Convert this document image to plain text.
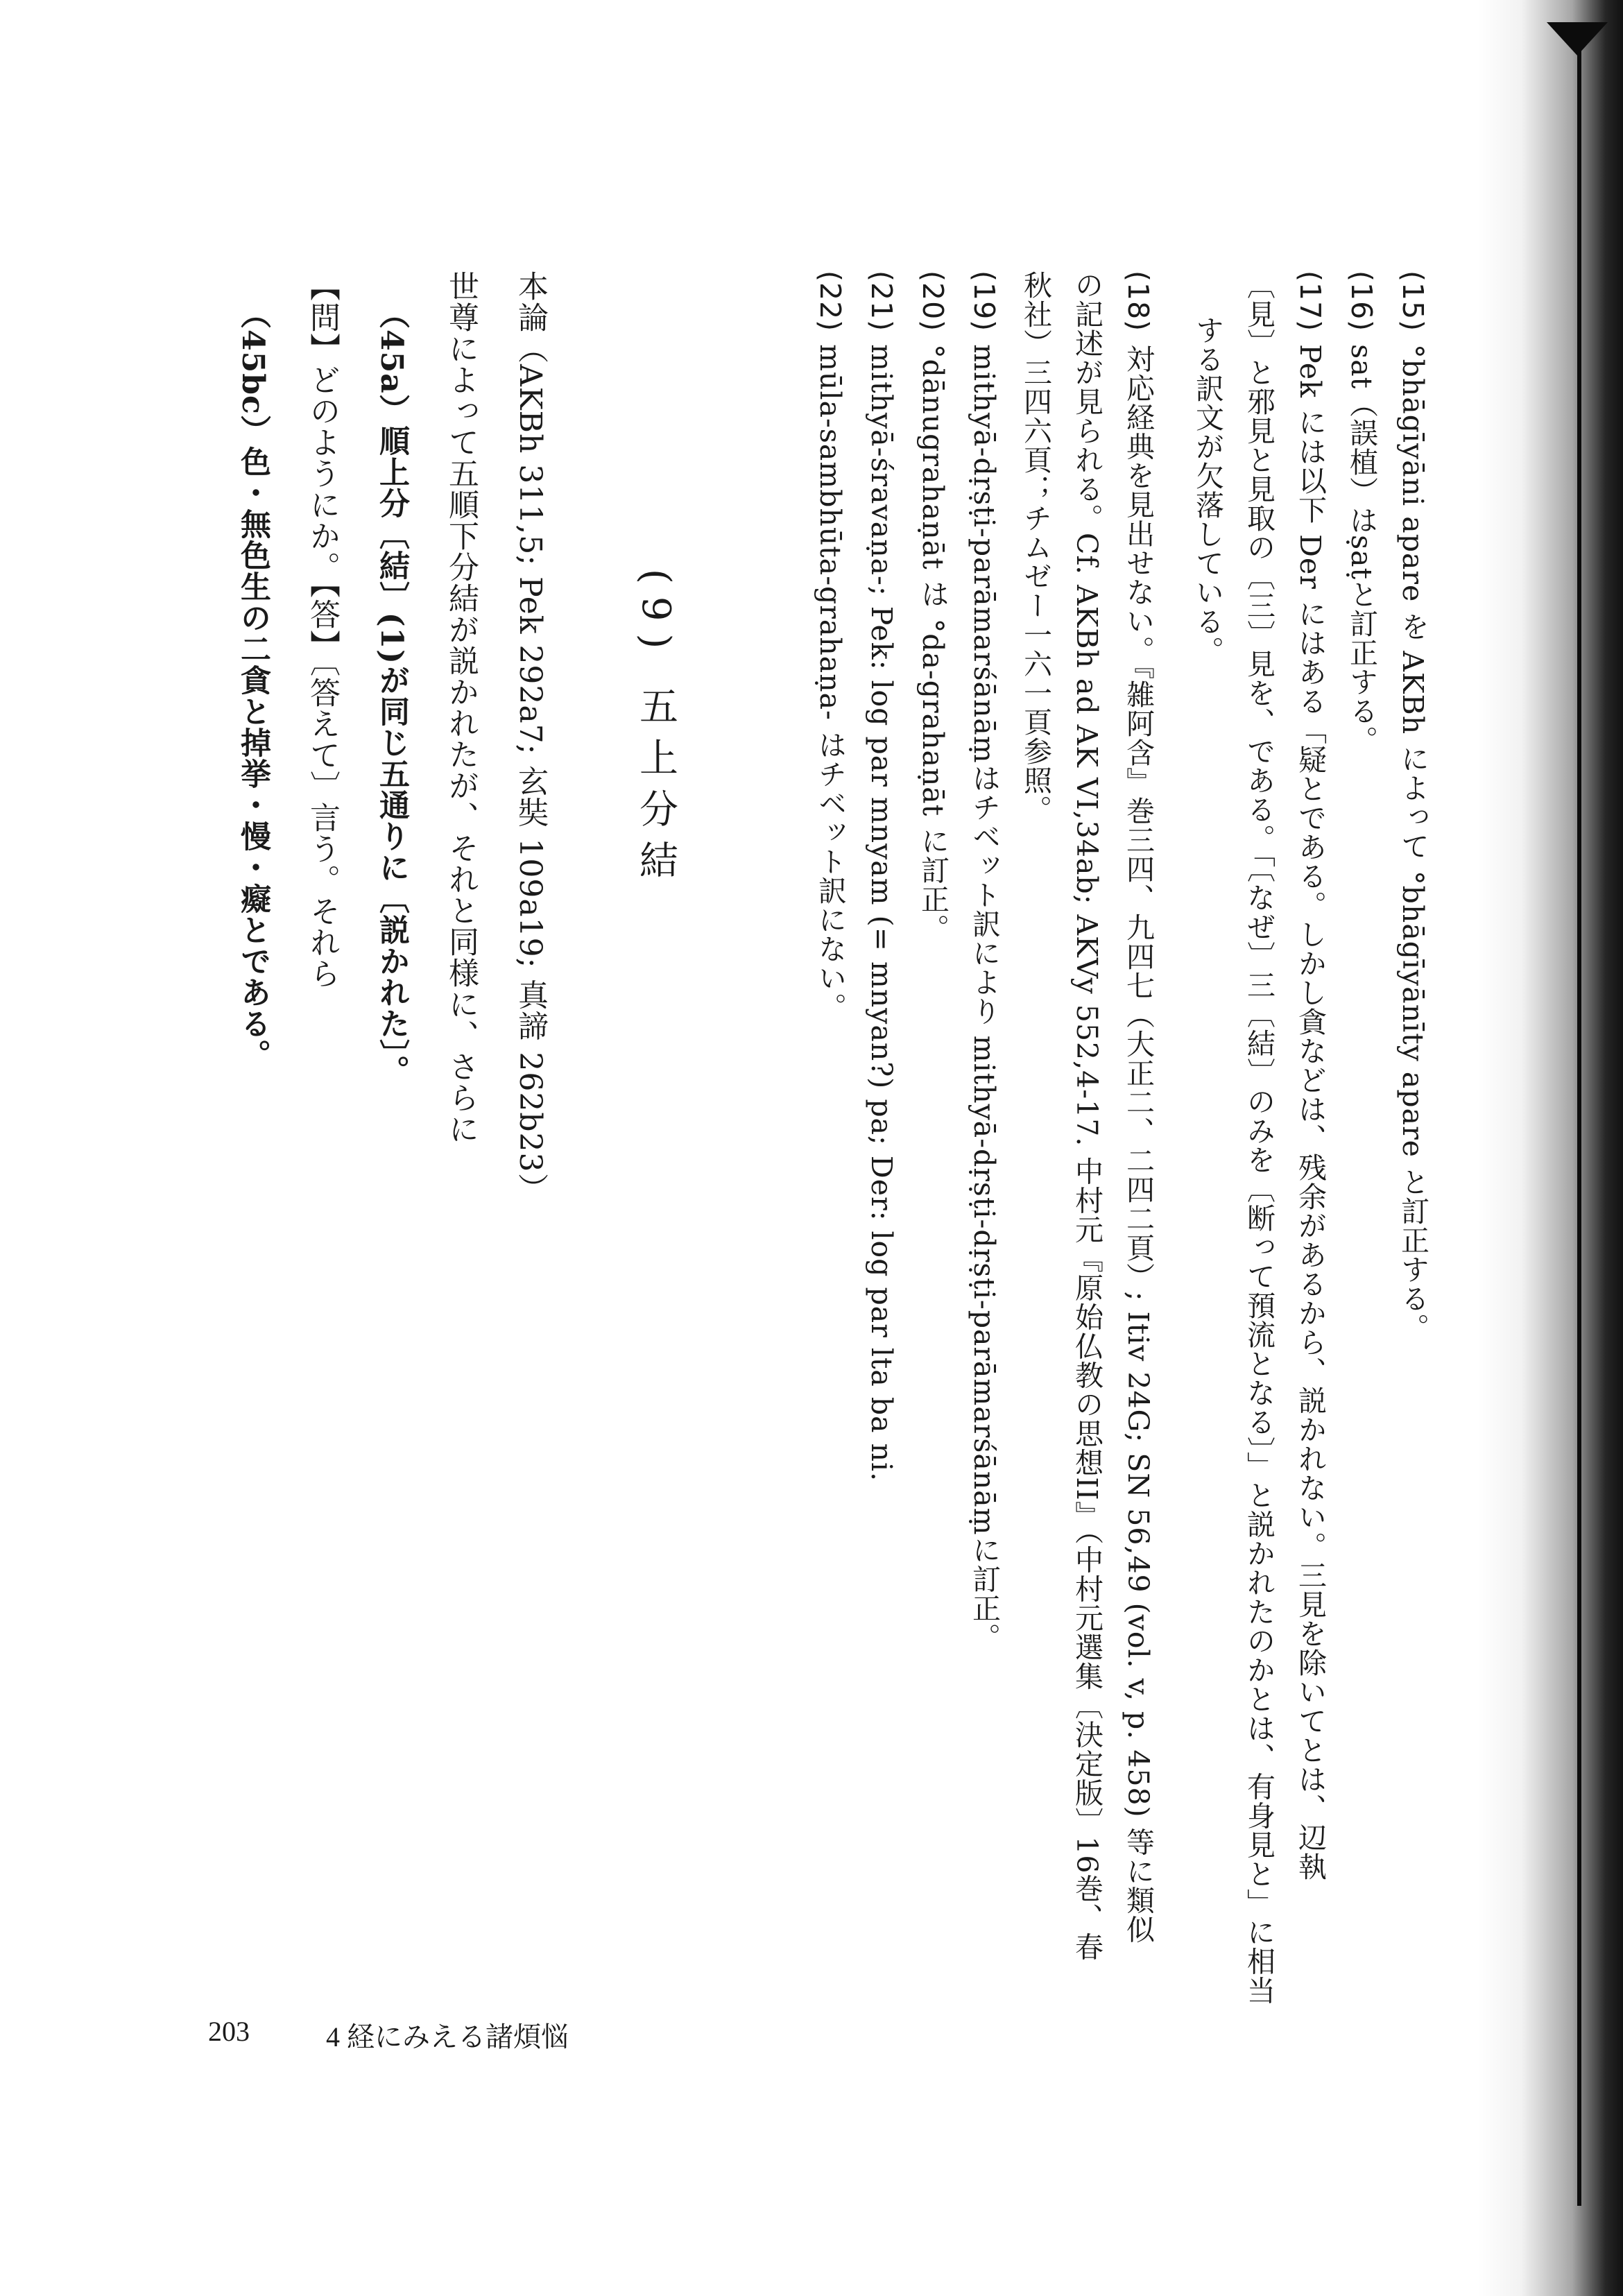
(15)°bhāgīyāni apare を AKBh によって °bhāgīyānīty apare と訂正する。
(16)sat（誤植）はṣaṭと訂正する。
(17)Pek には以下 Der にはある「疑とである。しかし貪などは、残余があるから、説かれない。三見を除いてとは、辺執
〔見〕と邪見と見取の〔三〕見を、である。「〔なぜ〕三〔結〕のみを〔断って預流となる〕」と説かれたのかとは、有身見と」に相当
する訳文が欠落している。
(18)対応経典を見出せない。『雑阿含』巻三四、九四七（大正二、二四二頁）; Itiv 24G; SN 56,49 (vol. v, p. 458) 等に類似
の記述が見られる。Cf. AKBh ad AK VI,34ab; AKVy 552,4-17. 中村元『原始仏教の思想II』（中村元選集〔決定版〕16巻、春
秋社）三四六頁；チムゼー一六一頁参照。
(19)mithyā-dṛṣṭi-parāmarśānāṃはチベット訳により mithyā-dṛṣṭi-dṛṣṭi-parāmarśānāṃに訂正。
(20)°dānugrahaṇāt は °da-grahaṇāt に訂正。
(21)mithyā-śravaṇa-; Pek: log par mnyam (= mnyan?) pa; Der: log par lta ba ni.
(22)mūla-sambhūta-grahaṇa- はチベット訳にない。
(9) 五上分結
本論（AKBh 311,5; Pek 292a7; 玄奘 109a19; 真諦 262b23）
世尊によって五順下分結が説かれたが、それと同様に、さらに
（45a）順上分〔結〕(1)が同じ五通りに〔説かれた〕。
【問】どのようにか。【答】〔答えて〕言う。それら
（45bc）色・無色生の二貪と掉挙・慢・癡とである。
203	4 経にみえる諸煩悩
